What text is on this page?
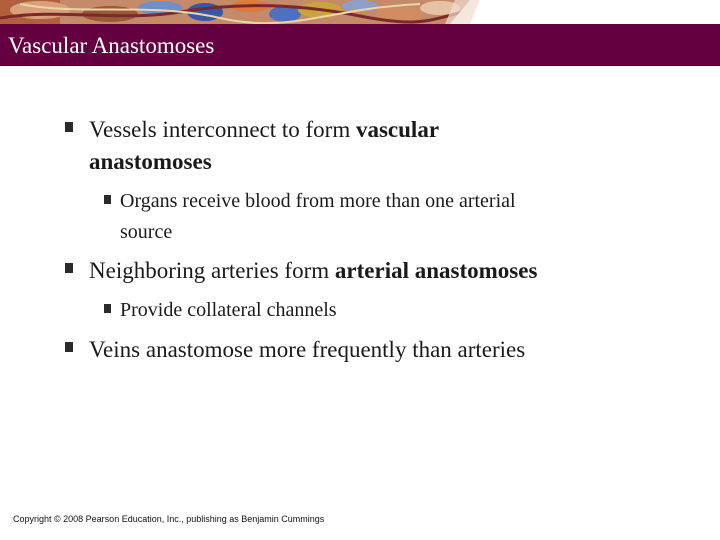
Vascular Anastomoses
Vessels interconnect to form vascular
anastomoses
Organs receive blood from more than one arterial
source
Neighboring arteries form arterial anastomoses
Provide collateral channels
Veins anastomose more frequently than arteries
Copyright © 2008 Pearson Education, Inc., publishing as Benjamin Cummings
